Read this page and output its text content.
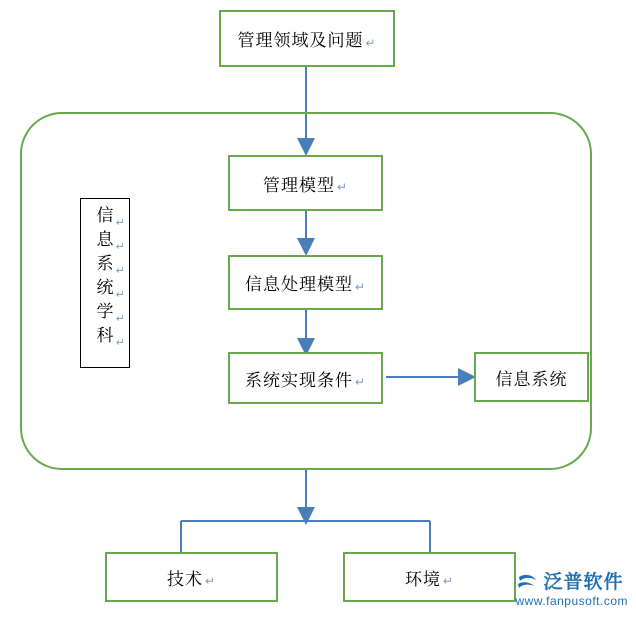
管理领域及问题 ↵
信 ↵
息 ↵
系 ↵
统 ↵
学 ↵
科 ↵
管理模型 ↵
信息处理模型 ↵
系统实现条件 ↵	信息系统
技术 ↵	环境 ↵	泛普软件
www.fanpusoft.com
